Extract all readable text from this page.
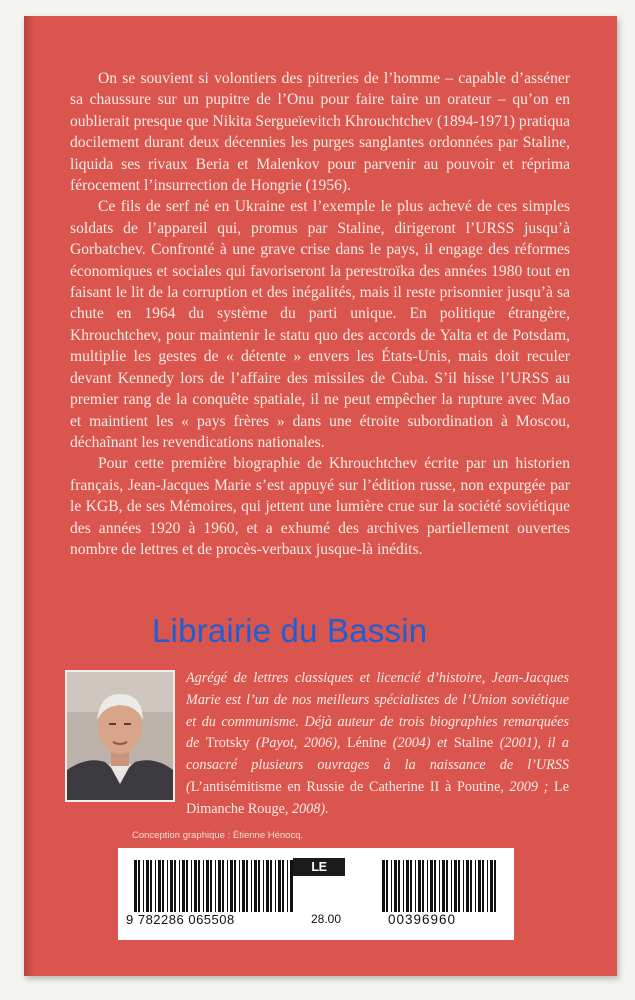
On se souvient si volontiers des pitreries de l’homme – capable d’asséner sa chaussure sur un pupitre de l’Onu pour faire taire un orateur – qu’on en oublierait presque que Nikita Sergueïevitch Khrouchtchev (1894-1971) pratiqua docilement durant deux décennies les purges sanglantes ordonnées par Staline, liquida ses rivaux Beria et Malenkov pour parvenir au pouvoir et réprima férocement l’insurrection de Hongrie (1956).

Ce fils de serf né en Ukraine est l’exemple le plus achevé de ces simples soldats de l’appareil qui, promus par Staline, dirigeront l’URSS jusqu’à Gorbatchev. Confronté à une grave crise dans le pays, il engage des réformes économiques et sociales qui favoriseront la perestroïka des années 1980 tout en faisant le lit de la corruption et des inégalités, mais il reste prisonnier jusqu’à sa chute en 1964 du système du parti unique. En politique étrangère, Khrouchtchev, pour maintenir le statu quo des accords de Yalta et de Potsdam, multiplie les gestes de « détente » envers les États-Unis, mais doit reculer devant Kennedy lors de l’affaire des missiles de Cuba. S’il hisse l’URSS au premier rang de la conquête spatiale, il ne peut empêcher la rupture avec Mao et maintient les « pays frères » dans une étroite subordination à Moscou, déchaînant les revendications nationales.

Pour cette première biographie de Khrouchtchev écrite par un historien français, Jean-Jacques Marie s’est appuyé sur l’édition russe, non expurgée par le KGB, de ses Mémoires, qui jettent une lumière crue sur la société soviétique des années 1920 à 1960, et a exhumé des archives partiellement ouvertes nombre de lettres et de procès-verbaux jusque-là inédits.

Librairie du Bassin
Agrégé de lettres classiques et licencié d’histoire, Jean-Jacques Marie est l’un de nos meilleurs spécialistes de l’Union soviétique et du communisme. Déjà auteur de trois biographies remarquées de Trotsky (Payot, 2006), Lénine (2004) et Staline (2001), il a consacré plusieurs ouvrages à la naissance de l’URSS (L’antisémitisme en Russie de Catherine II à Poutine, 2009 ; Le Dimanche Rouge, 2008).
Conception graphique : Étienne Hénocq.
LE CLUB
9 782286 065508	28.00	00396960
